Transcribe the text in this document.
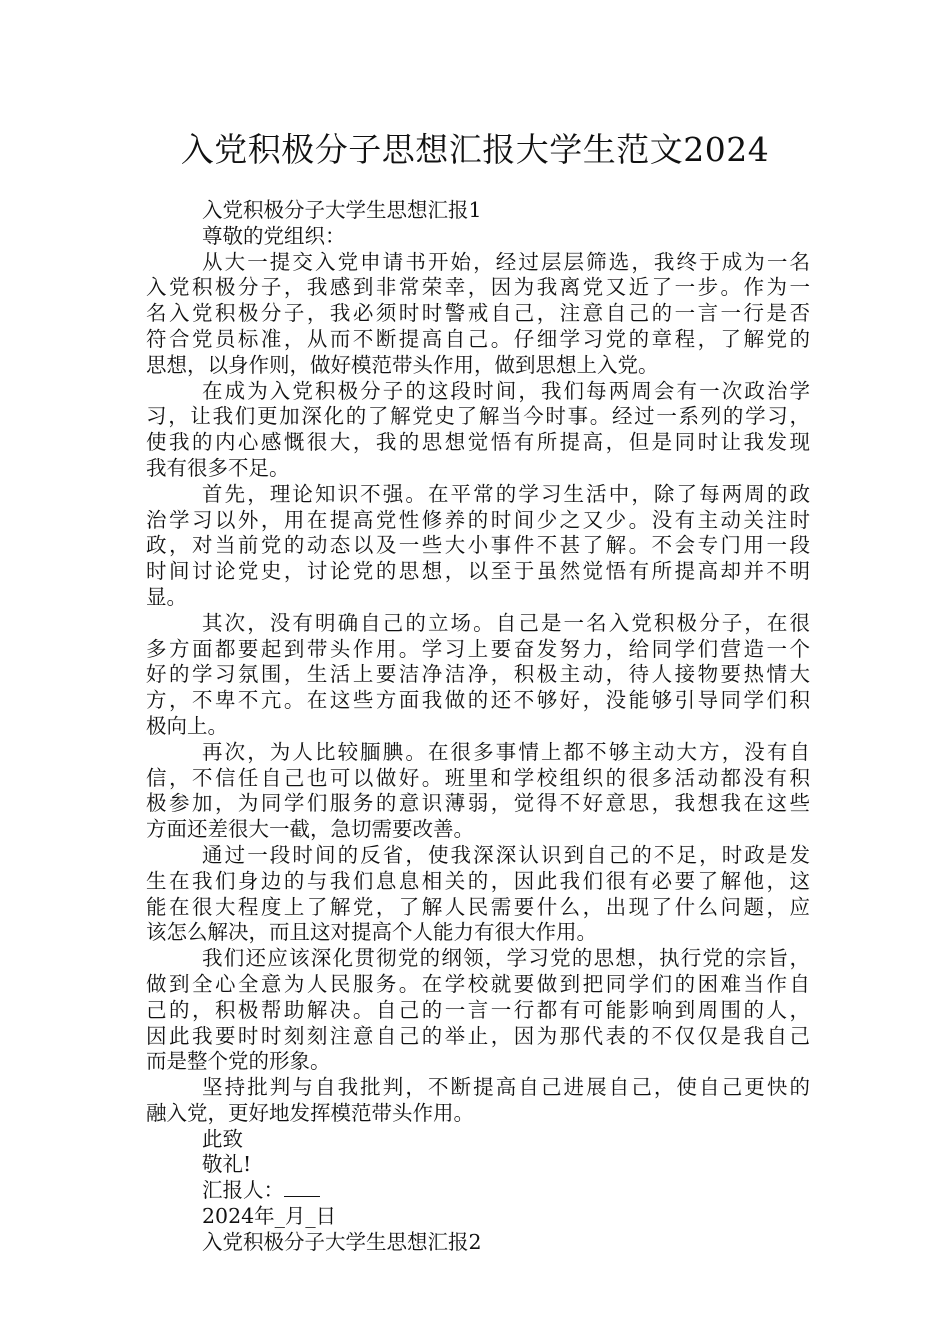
入党积极分子思想汇报大学生范文2024
入党积极分子大学生思想汇报1
尊敬的党组织：
从大一提交入党申请书开始，经过层层筛选，我终于成为一名
入党积极分子，我感到非常荣幸，因为我离党又近了一步。作为一
名入党积极分子，我必须时时警戒自己，注意自己的一言一行是否
符合党员标准，从而不断提高自己。仔细学习党的章程，了解党的
思想，以身作则，做好模范带头作用，做到思想上入党。
在成为入党积极分子的这段时间，我们每两周会有一次政治学
习，让我们更加深化的了解党史了解当今时事。经过一系列的学习，
使我的内心感慨很大，我的思想觉悟有所提高，但是同时让我发现
我有很多不足。
首先，理论知识不强。在平常的学习生活中，除了每两周的政
治学习以外，用在提高党性修养的时间少之又少。没有主动关注时
政，对当前党的动态以及一些大小事件不甚了解。不会专门用一段
时间讨论党史，讨论党的思想，以至于虽然觉悟有所提高却并不明
显。
其次，没有明确自己的立场。自己是一名入党积极分子，在很
多方面都要起到带头作用。学习上要奋发努力，给同学们营造一个
好的学习氛围，生活上要洁净洁净，积极主动，待人接物要热情大
方，不卑不亢。在这些方面我做的还不够好，没能够引导同学们积
极向上。
再次，为人比较腼腆。在很多事情上都不够主动大方，没有自
信，不信任自己也可以做好。班里和学校组织的很多活动都没有积
极参加，为同学们服务的意识薄弱，觉得不好意思，我想我在这些
方面还差很大一截，急切需要改善。
通过一段时间的反省，使我深深认识到自己的不足，时政是发
生在我们身边的与我们息息相关的，因此我们很有必要了解他，这
能在很大程度上了解党，了解人民需要什么，出现了什么问题，应
该怎么解决，而且这对提高个人能力有很大作用。
我们还应该深化贯彻党的纲领，学习党的思想，执行党的宗旨，
做到全心全意为人民服务。在学校就要做到把同学们的困难当作自
己的，积极帮助解决。自己的一言一行都有可能影响到周围的人，
因此我要时时刻刻注意自己的举止，因为那代表的不仅仅是我自己
而是整个党的形象。
坚持批判与自我批判，不断提高自己进展自己，使自己更快的
融入党，更好地发挥模范带头作用。
此致
敬礼!
汇报人：
2024年_月_日
入党积极分子大学生思想汇报2
